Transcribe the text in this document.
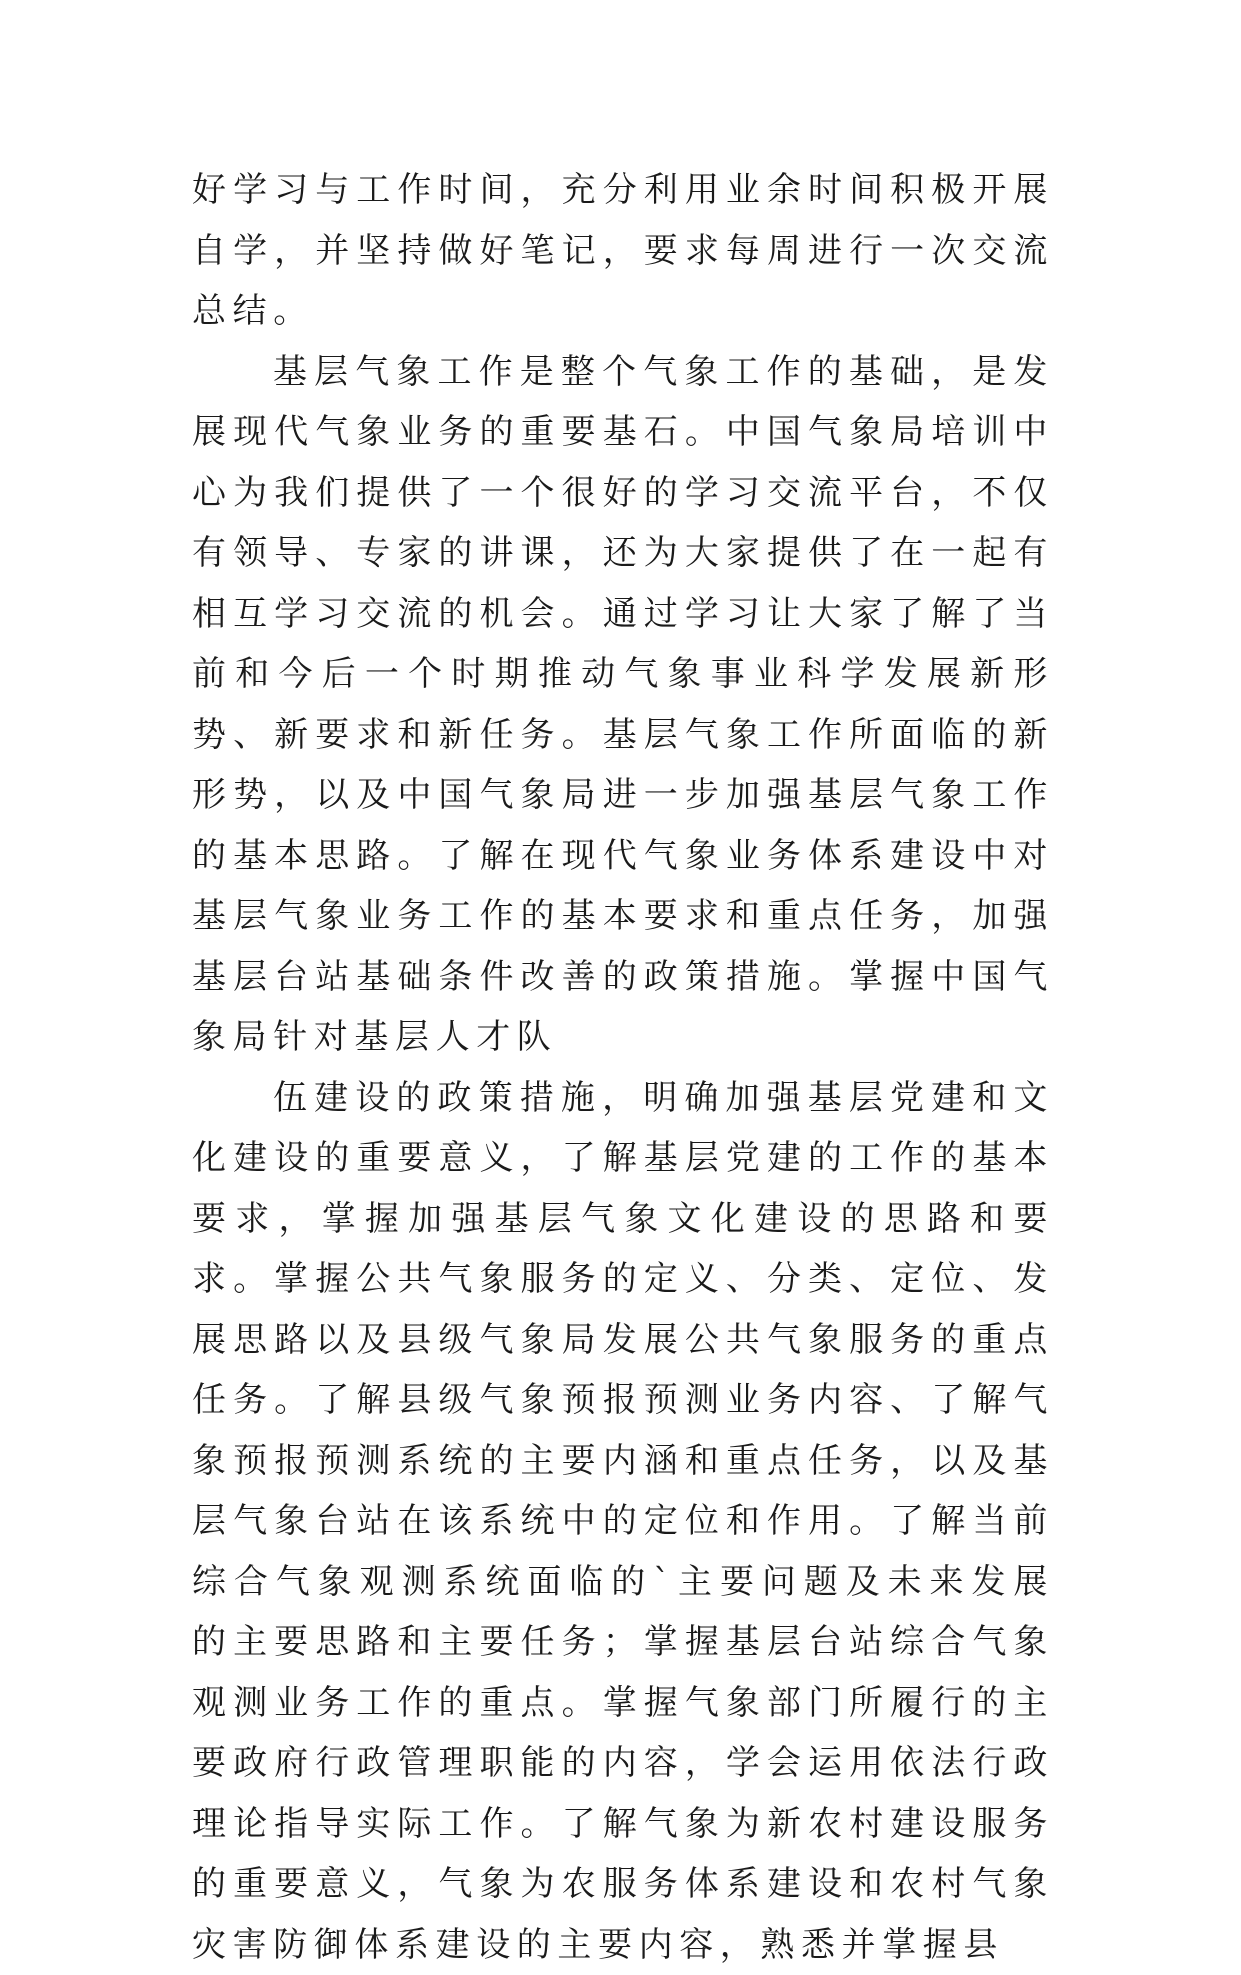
好学习与工作时间，充分利用业余时间积极开展自学，并坚持做好笔记，要求每周进行一次交流总结。

基层气象工作是整个气象工作的基础，是发展现代气象业务的重要基石。中国气象局培训中心为我们提供了一个很好的学习交流平台，不仅有领导、专家的讲课，还为大家提供了在一起有相互学习交流的机会。通过学习让大家了解了当前和今后一个时期推动气象事业科学发展新形势、新要求和新任务。基层气象工作所面临的新形势，以及中国气象局进一步加强基层气象工作的基本思路。了解在现代气象业务体系建设中对基层气象业务工作的基本要求和重点任务，加强基层台站基础条件改善的政策措施。掌握中国气象局针对基层人才队

伍建设的政策措施，明确加强基层党建和文化建设的重要意义，了解基层党建的工作的基本要求，掌握加强基层气象文化建设的思路和要求。掌握公共气象服务的定义、分类、定位、发展思路以及县级气象局发展公共气象服务的重点任务。了解县级气象预报预测业务内容、了解气象预报预测系统的主要内涵和重点任务，以及基层气象台站在该系统中的定位和作用。了解当前综合气象观测系统面临的`主要问题及未来发展的主要思路和主要任务；掌握基层台站综合气象观测业务工作的重点。掌握气象部门所履行的主要政府行政管理职能的内容，学会运用依法行政理论指导实际工作。了解气象为新农村建设服务的重要意义，气象为农服务体系建设和农村气象灾害防御体系建设的主要内容，熟悉并掌握县
